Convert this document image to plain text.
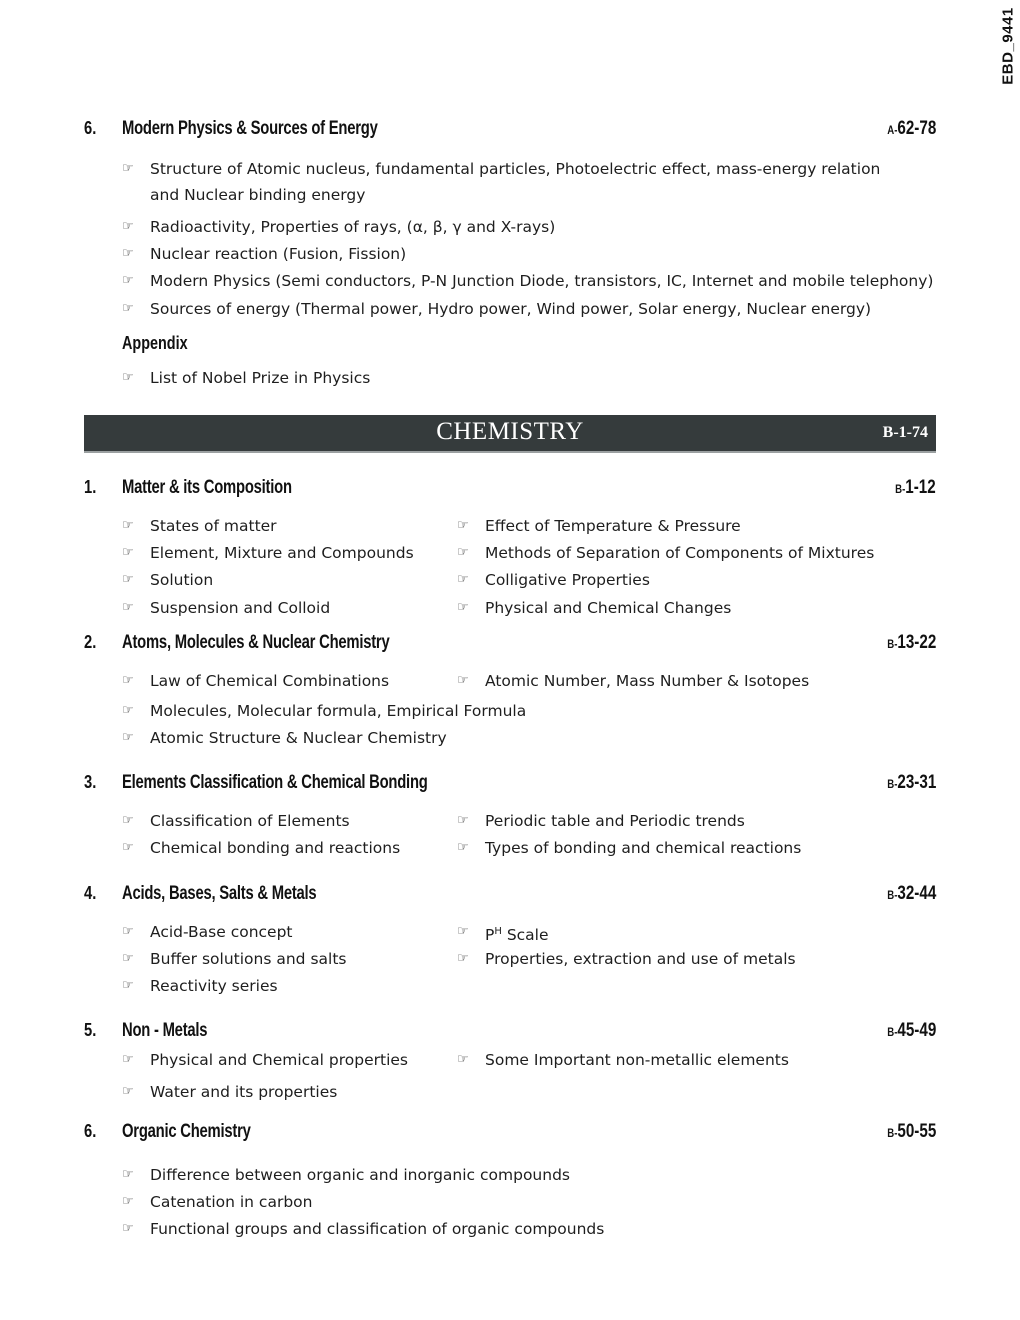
EBD_9441
6. Modern Physics & Sources of Energy	A-62-78
☞ Structure of Atomic nucleus, fundamental particles, Photoelectric effect, mass-energy relation and Nuclear binding energy
☞ Radioactivity, Properties of rays, (α, β, γ and X-rays)
☞ Nuclear reaction (Fusion, Fission)
☞ Modern Physics (Semi conductors, P-N Junction Diode, transistors, IC, Internet and mobile telephony)
☞ Sources of energy (Thermal power, Hydro power, Wind power, Solar energy, Nuclear energy)
Appendix
☞ List of Nobel Prize in Physics
CHEMISTRY	B-1-74
1. Matter & its Composition	B-1-12
☞ States of matter
☞ Element, Mixture and Compounds
☞ Solution
☞ Suspension and Colloid
☞ Effect of Temperature & Pressure
☞ Methods of Separation of Components of Mixtures
☞ Colligative Properties
☞ Physical and Chemical Changes
2. Atoms, Molecules & Nuclear Chemistry	B-13-22
☞ Law of Chemical Combinations
☞ Molecules, Molecular formula, Empirical Formula
☞ Atomic Structure & Nuclear Chemistry
☞ Atomic Number, Mass Number & Isotopes
3. Elements Classification & Chemical Bonding	B-23-31
☞ Classification of Elements
☞ Chemical bonding and reactions
☞ Periodic table and Periodic trends
☞ Types of bonding and chemical reactions
4. Acids, Bases, Salts & Metals	B-32-44
☞ Acid-Base concept
☞ Buffer solutions and salts
☞ Reactivity series
☞ $P^H$ Scale
☞ Properties, extraction and use of metals
5. Non - Metals	B-45-49
☞ Physical and Chemical properties
☞ Water and its properties
☞ Some Important non-metallic elements
6. Organic Chemistry	B-50-55
☞ Difference between organic and inorganic compounds
☞ Catenation in carbon
☞ Functional groups and classification of organic compounds
